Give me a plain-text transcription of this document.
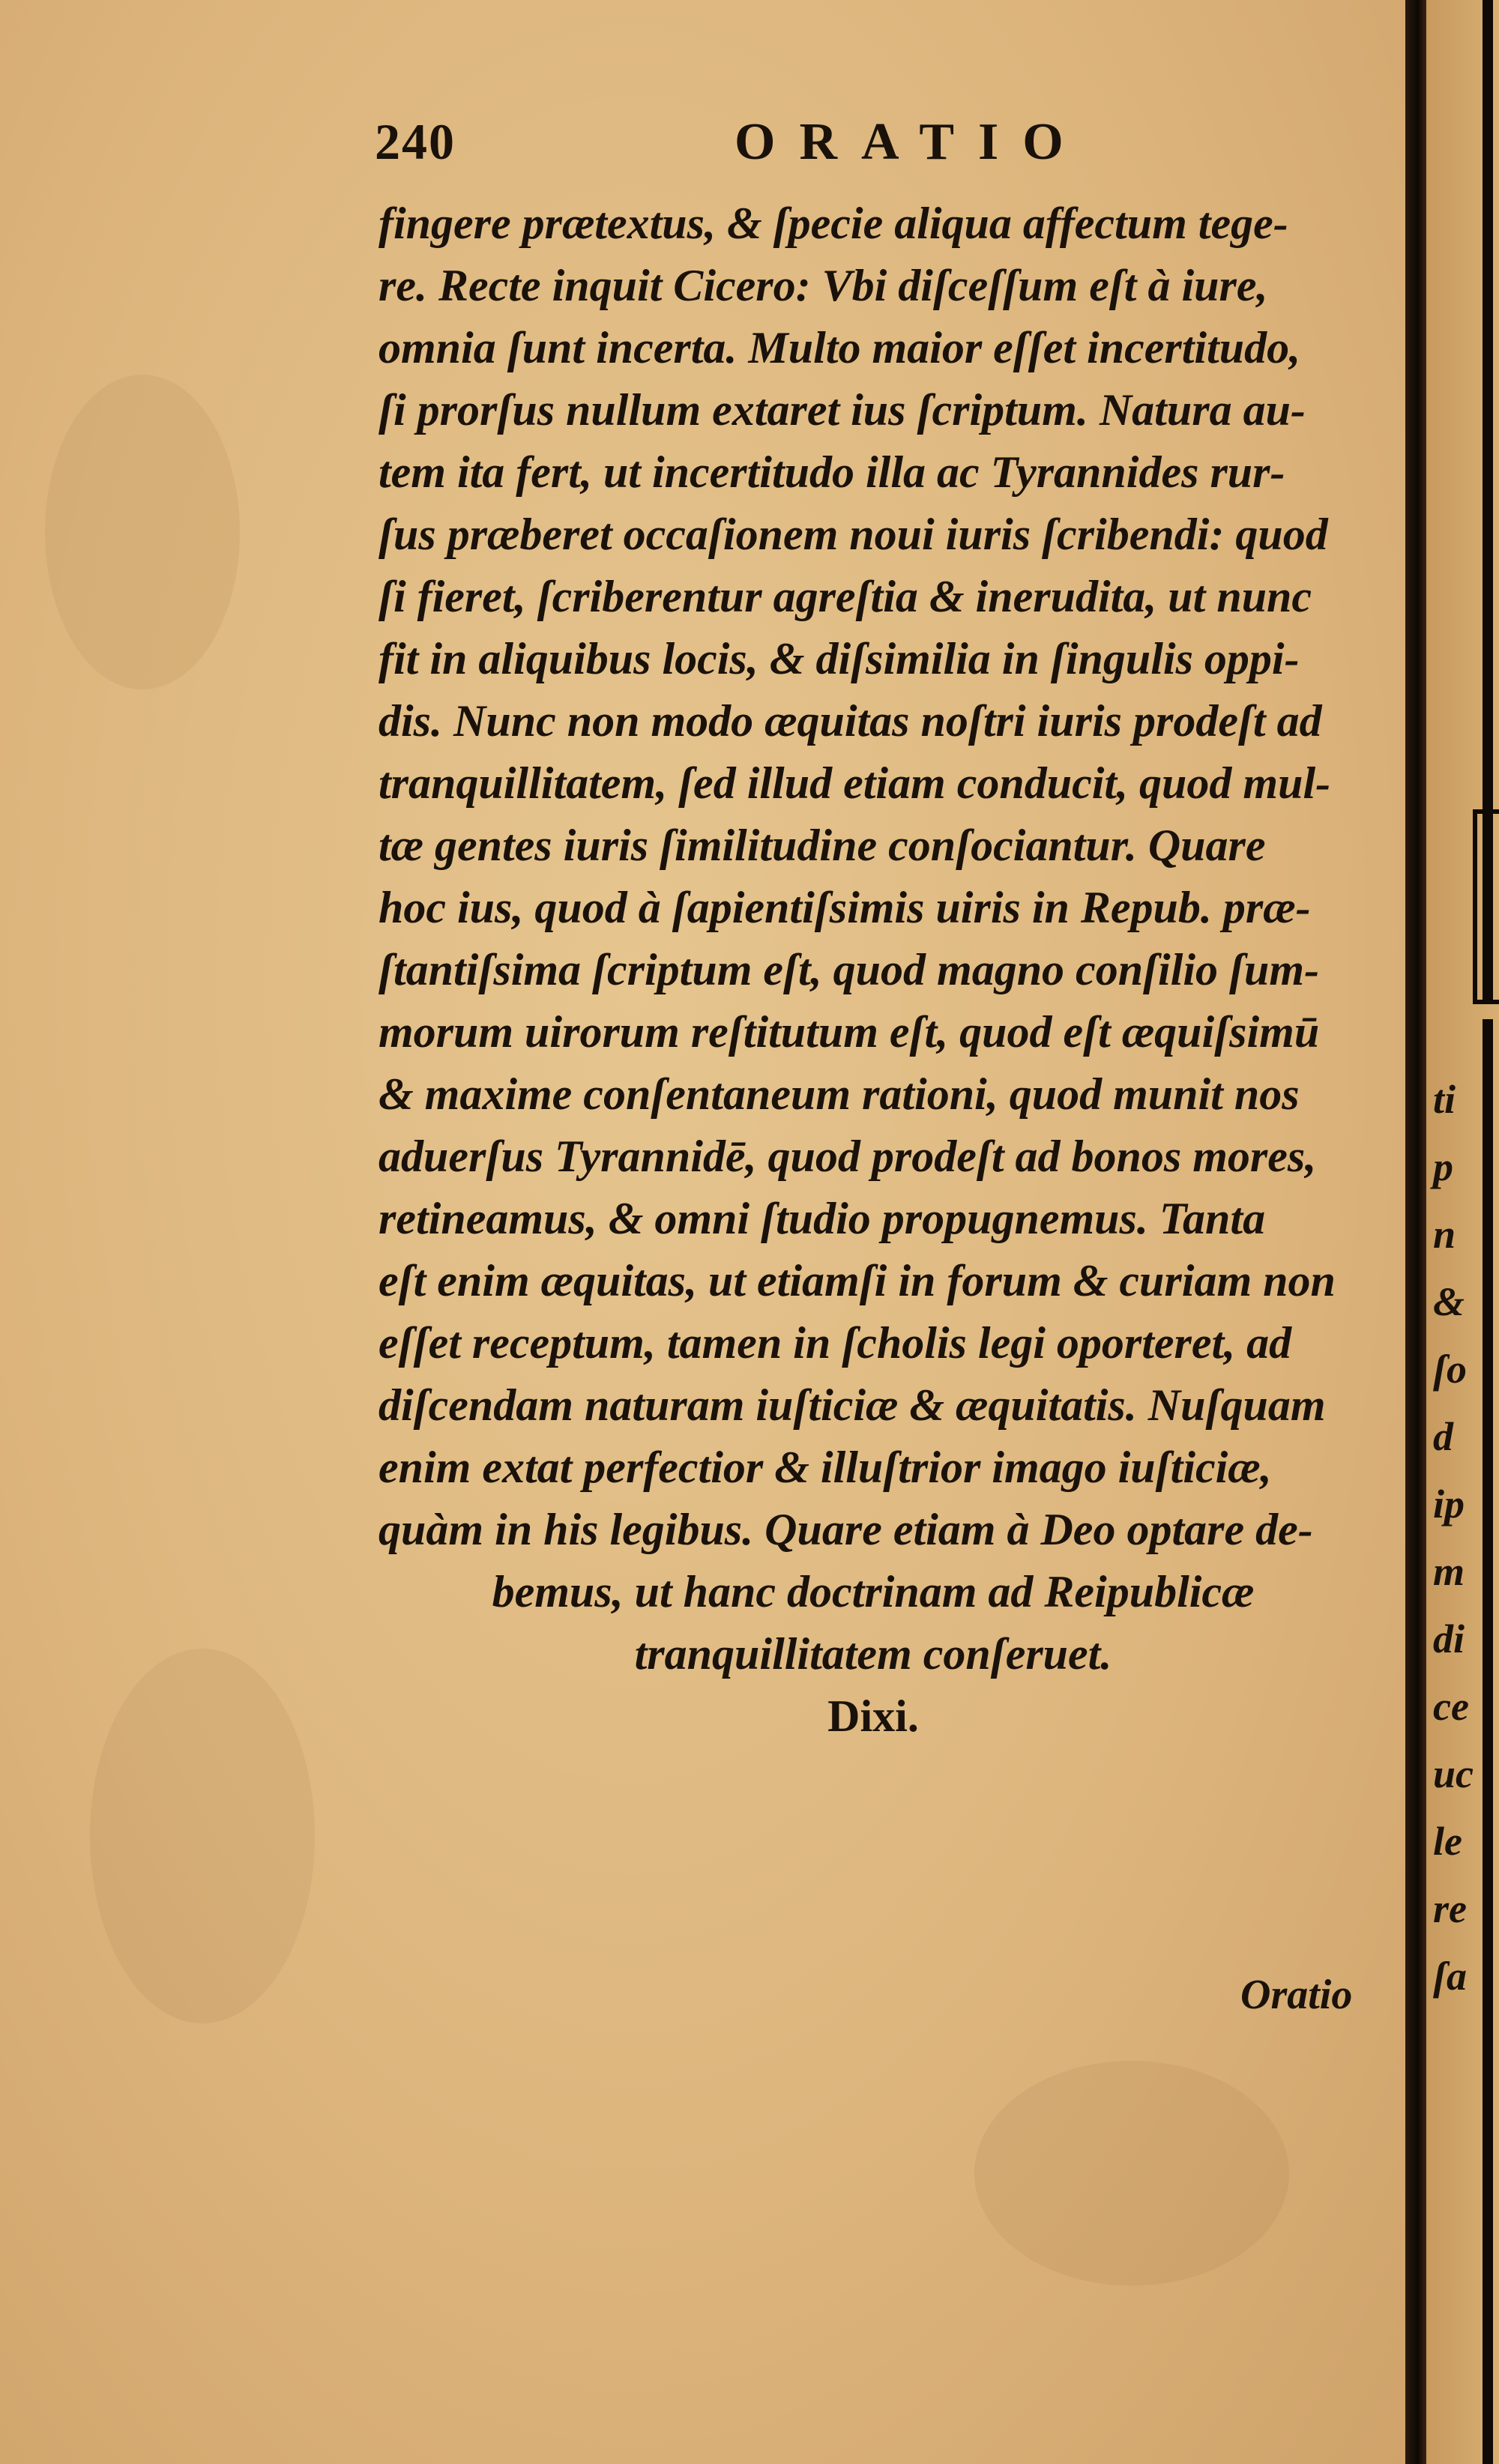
240	ORATIO
fingere prætextus, & ſpecie aliqua affectum tege-
re. Recte inquit Cicero: Vbi diſceſſum eſt à iure,
omnia ſunt incerta. Multo maior eſſet incertitudo,
ſi prorſus nullum extaret ius ſcriptum. Natura au-
tem ita fert, ut incertitudo illa ac Tyrannides rur-
ſus præberet occaſionem noui iuris ſcribendi: quod
ſi fieret, ſcriberentur agreſtia & inerudita, ut nunc
fit in aliquibus locis, & diſsimilia in ſingulis oppi-
dis. Nunc non modo æquitas noſtri iuris prodeſt ad
tranquillitatem, ſed illud etiam conducit, quod mul-
tæ gentes iuris ſimilitudine conſociantur. Quare
hoc ius, quod à ſapientiſsimis uiris in Repub. præ-
ſtantiſsima ſcriptum eſt, quod magno conſilio ſum-
morum uirorum reſtitutum eſt, quod eſt æquiſsimū
& maxime conſentaneum rationi, quod munit nos
aduerſus Tyrannidē, quod prodeſt ad bonos mores,
retineamus, & omni ſtudio propugnemus. Tanta
eſt enim æquitas, ut etiamſi in forum & curiam non
eſſet receptum, tamen in ſcholis legi oporteret, ad
diſcendam naturam iuſticiæ & æquitatis. Nuſquam
enim extat perfectior & illuſtrior imago iuſticiæ,
quàm in his legibus. Quare etiam à Deo optare de-
bemus, ut hanc doctrinam ad Reipublicæ
tranquillitatem conſeruet.
Dixi.
Oratio
ti
p
n
&
ſo
d
ip
m
di
ce
uc
le
re
ſa
